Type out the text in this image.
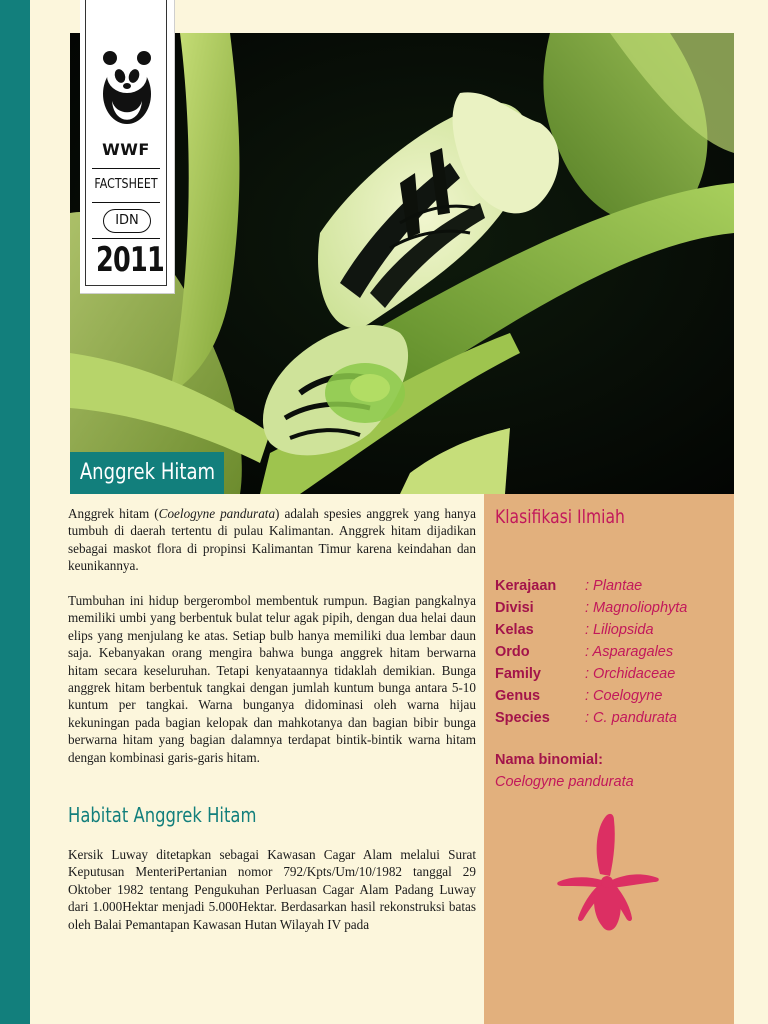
WWF
FACTSHEET
IDN
2011
Anggrek Hitam
Anggrek hitam (Coelogyne pandurata) adalah spesies anggrek yang hanya tumbuh di daerah tertentu di pulau Kalimantan. Anggrek hitam dijadikan sebagai maskot flora di propinsi Kalimantan Timur karena keindahan dan keunikannya.
Tumbuhan ini hidup bergerombol membentuk rumpun. Bagian pangkalnya memiliki umbi yang berbentuk bulat telur agak pipih, dengan dua helai daun elips yang menjulang ke atas. Setiap bulb hanya memiliki dua lembar daun saja. Kebanyakan orang mengira bahwa bunga anggrek hitam berwarna hitam secara keseluruhan. Tetapi kenyataannya tidaklah demikian. Bunga anggrek hitam berbentuk tangkai dengan jumlah kuntum bunga antara 5-10 kuntum per tangkai. Warna bunganya didominasi oleh warna hijau kekuningan pada bagian kelopak dan mahkotanya dan bagian bibir bunga berwarna hitam yang bagian dalamnya terdapat bintik-bintik warna hitam dengan kombinasi garis-garis hitam.
Habitat Anggrek Hitam
Kersik Luway ditetapkan sebagai Kawasan Cagar Alam melalui Surat Keputusan MenteriPertanian nomor 792/Kpts/Um/10/1982 tanggal 29 Oktober 1982 tentang Pengukuhan Perluasan Cagar Alam Padang Luway dari 1.000Hektar menjadi 5.000Hektar. Berdasarkan hasil rekonstruksi batas oleh Balai Pemantapan Kawasan Hutan Wilayah IV pada
Klasifikasi Ilmiah
Kerajaan : Plantae
Divisi	: Magnoliophyta
Kelas	: Liliopsida
Ordo	: Asparagales
Family	: Orchidaceae
Genus	: Coelogyne
Species : C. pandurata
Nama binomial:
Coelogyne pandurata
